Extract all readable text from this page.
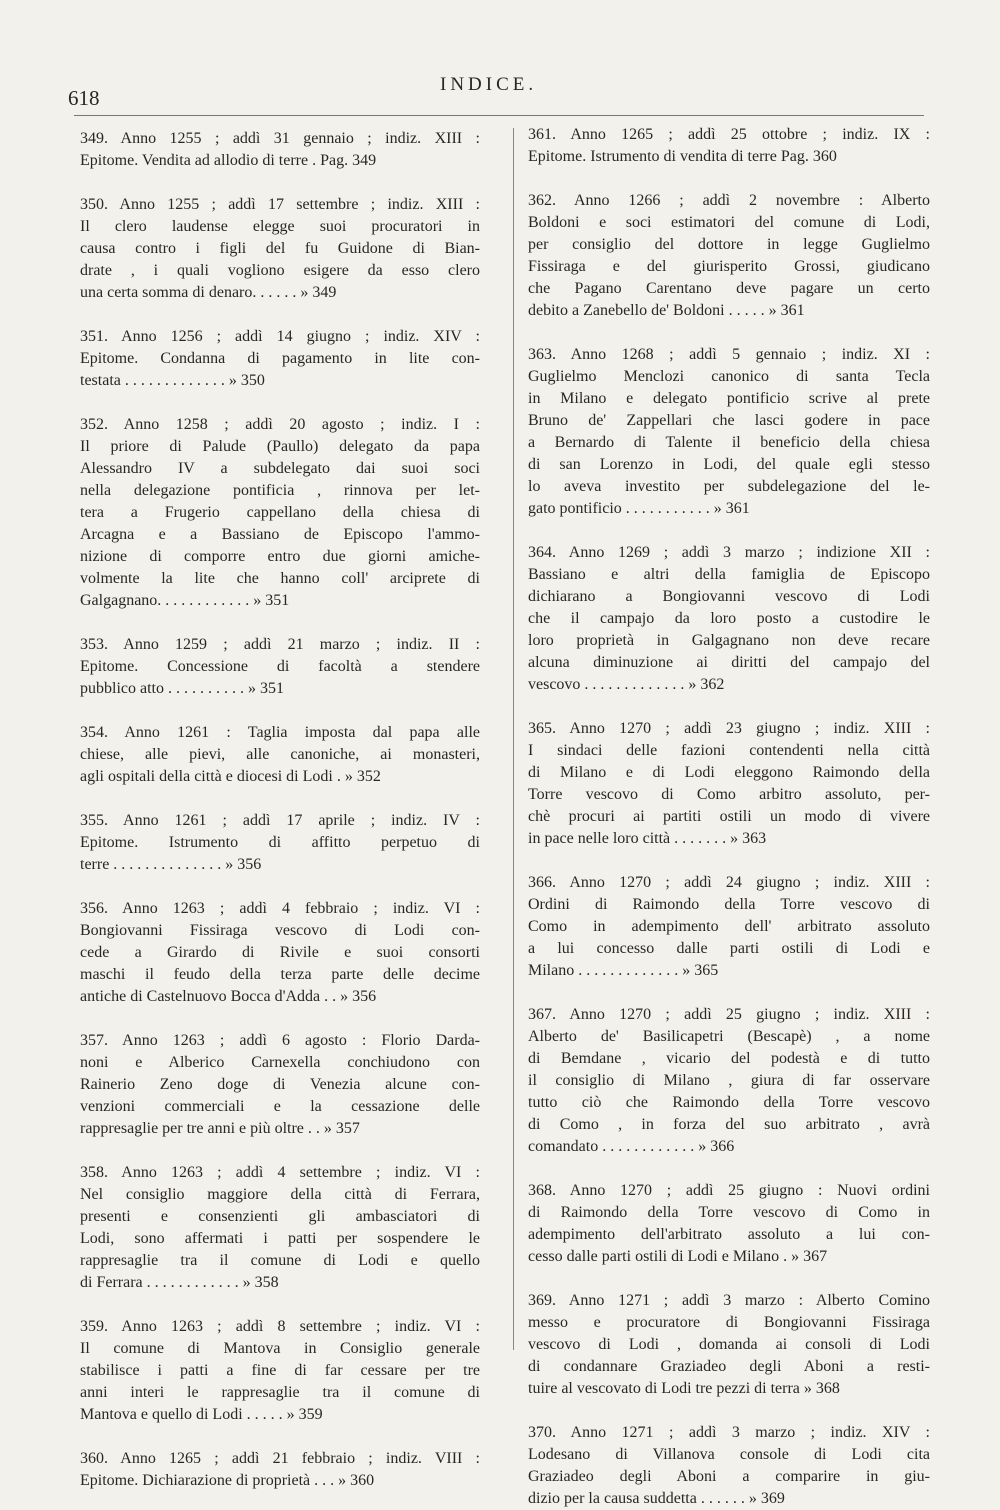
618
INDICE.
349. Anno 1255 ; addì 31 gennaio ; indiz. XIII :
Epitome. Vendita ad allodio di terre . Pag. 349
350. Anno 1255 ; addì 17 settembre ; indiz. XIII :
Il clero laudense elegge suoi procuratori in
causa contro i figli del fu Guidone di Bian-
drate , i quali vogliono esigere da esso clero
una certa somma di denaro. . . . . . » 349
351. Anno 1256 ; addì 14 giugno ; indiz. XIV :
Epitome. Condanna di pagamento in lite con-
testata . . . . . . . . . . . . . » 350
352. Anno 1258 ; addì 20 agosto ; indiz. I :
Il priore di Palude (Paullo) delegato da papa
Alessandro IV a subdelegato dai suoi soci
nella delegazione pontificia , rinnova per let-
tera a Frugerio cappellano della chiesa di
Arcagna e a Bassiano de Episcopo l'ammo-
nizione di comporre entro due giorni amiche-
volmente la lite che hanno coll' arciprete di
Galgagnano. . . . . . . . . . . . » 351
353. Anno 1259 ; addì 21 marzo ; indiz. II :
Epitome. Concessione di facoltà a stendere
pubblico atto . . . . . . . . . . » 351
354. Anno 1261 : Taglia imposta dal papa alle
chiese, alle pievi, alle canoniche, ai monasteri,
agli ospitali della città e diocesi di Lodi . » 352
355. Anno 1261 ; addì 17 aprile ; indiz. IV :
Epitome. Istrumento di affitto perpetuo di
terre . . . . . . . . . . . . . . » 356
356. Anno 1263 ; addì 4 febbraio ; indiz. VI :
Bongiovanni Fissiraga vescovo di Lodi con-
cede a Girardo di Rivile e suoi consorti
maschi il feudo della terza parte delle decime
antiche di Castelnuovo Bocca d'Adda . . » 356
357. Anno 1263 ; addì 6 agosto : Florio Darda-
noni e Alberico Carnexella conchiudono con
Rainerio Zeno doge di Venezia alcune con-
venzioni commerciali e la cessazione delle
rappresaglie per tre anni e più oltre . . » 357
358. Anno 1263 ; addì 4 settembre ; indiz. VI :
Nel consiglio maggiore della città di Ferrara,
presenti e consenzienti gli ambasciatori di
Lodi, sono affermati i patti per sospendere le
rappresaglie tra il comune di Lodi e quello
di Ferrara . . . . . . . . . . . . » 358
359. Anno 1263 ; addì 8 settembre ; indiz. VI :
Il comune di Mantova in Consiglio generale
stabilisce i patti a fine di far cessare per tre
anni interi le rappresaglie tra il comune di
Mantova e quello di Lodi . . . . . » 359
360. Anno 1265 ; addì 21 febbraio ; indiz. VIII :
Epitome. Dichiarazione di proprietà . . . » 360
361. Anno 1265 ; addì 25 ottobre ; indiz. IX :
Epitome. Istrumento di vendita di terre Pag. 360
362. Anno 1266 ; addì 2 novembre : Alberto
Boldoni e soci estimatori del comune di Lodi,
per consiglio del dottore in legge Guglielmo
Fissiraga e del giurisperito Grossi, giudicano
che Pagano Carentano deve pagare un certo
debito a Zanebello de' Boldoni . . . . . » 361
363. Anno 1268 ; addì 5 gennaio ; indiz. XI :
Guglielmo Menclozi canonico di santa Tecla
in Milano e delegato pontificio scrive al prete
Bruno de' Zappellari che lasci godere in pace
a Bernardo di Talente il beneficio della chiesa
di san Lorenzo in Lodi, del quale egli stesso
lo aveva investito per subdelegazione del le-
gato pontificio . . . . . . . . . . . » 361
364. Anno 1269 ; addì 3 marzo ; indizione XII :
Bassiano e altri della famiglia de Episcopo
dichiarano a Bongiovanni vescovo di Lodi
che il campajo da loro posto a custodire le
loro proprietà in Galgagnano non deve recare
alcuna diminuzione ai diritti del campajo del
vescovo . . . . . . . . . . . . . » 362
365. Anno 1270 ; addì 23 giugno ; indiz. XIII :
I sindaci delle fazioni contendenti nella città
di Milano e di Lodi eleggono Raimondo della
Torre vescovo di Como arbitro assoluto, per-
chè procuri ai partiti ostili un modo di vivere
in pace nelle loro città . . . . . . . » 363
366. Anno 1270 ; addì 24 giugno ; indiz. XIII :
Ordini di Raimondo della Torre vescovo di
Como in adempimento dell' arbitrato assoluto
a lui concesso dalle parti ostili di Lodi e
Milano . . . . . . . . . . . . . » 365
367. Anno 1270 ; addì 25 giugno ; indiz. XIII :
Alberto de' Basilicapetri (Bescapè) , a nome
di Bemdane , vicario del podestà e di tutto
il consiglio di Milano , giura di far osservare
tutto ciò che Raimondo della Torre vescovo
di Como , in forza del suo arbitrato , avrà
comandato . . . . . . . . . . . . » 366
368. Anno 1270 ; addì 25 giugno : Nuovi ordini
di Raimondo della Torre vescovo di Como in
adempimento dell'arbitrato assoluto a lui con-
cesso dalle parti ostili di Lodi e Milano . » 367
369. Anno 1271 ; addì 3 marzo : Alberto Comino
messo e procuratore di Bongiovanni Fissiraga
vescovo di Lodi , domanda ai consoli di Lodi
di condannare Graziadeo degli Aboni a resti-
tuire al vescovato di Lodi tre pezzi di terra » 368
370. Anno 1271 ; addì 3 marzo ; indiz. XIV :
Lodesano di Villanova console di Lodi cita
Graziadeo degli Aboni a comparire in giu-
dizio per la causa suddetta . . . . . . » 369
